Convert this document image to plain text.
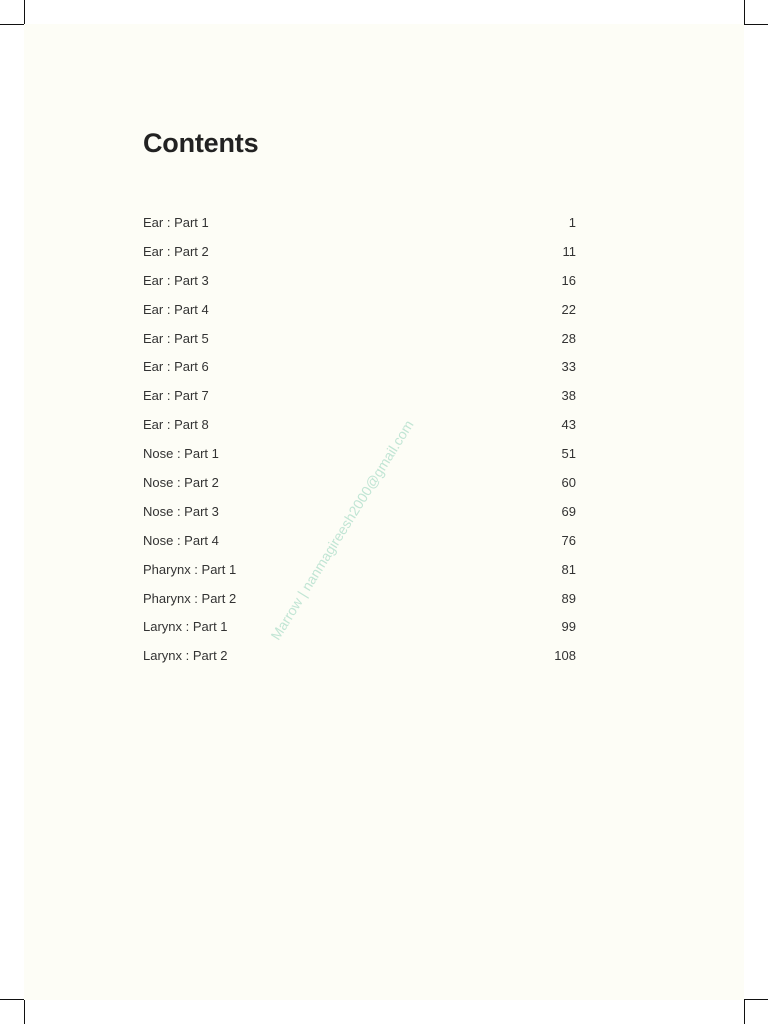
Contents
Ear : Part 1	1
Ear : Part 2	11
Ear : Part 3	16
Ear : Part 4	22
Ear : Part 5	28
Ear : Part 6	33
Ear : Part 7	38
Ear : Part 8	43
Nose : Part 1	51
Nose : Part 2	60
Nose : Part 3	69
Nose : Part 4	76
Pharynx : Part 1	81
Pharynx : Part 2	89
Larynx : Part 1	99
Larynx : Part 2	108
Marrow | nanmagireesh2000@gmail.com
